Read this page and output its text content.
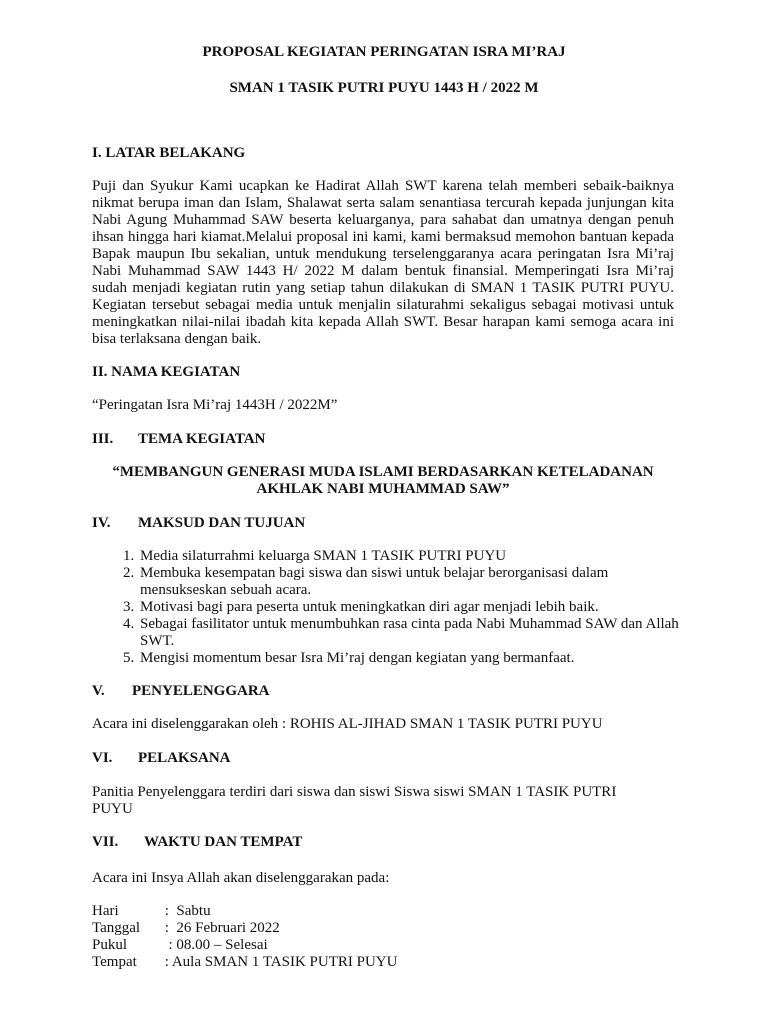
PROPOSAL KEGIATAN PERINGATAN ISRA MI’RAJ

SMAN 1 TASIK PUTRI PUYU 1443 H / 2022 M

I. LATAR BELAKANG

Puji dan Syukur Kami ucapkan ke Hadirat Allah SWT karena telah memberi sebaik-baiknya nikmat berupa iman dan Islam, Shalawat serta salam senantiasa tercurah kepada junjungan kita Nabi Agung Muhammad SAW beserta keluarganya, para sahabat dan umatnya dengan penuh ihsan hingga hari kiamat.Melalui proposal ini kami, kami bermaksud memohon bantuan kepada Bapak maupun Ibu sekalian, untuk mendukung terselenggaranya acara peringatan Isra Mi’raj Nabi Muhammad SAW 1443 H/ 2022 M dalam bentuk finansial. Memperingati Isra Mi’raj sudah menjadi kegiatan rutin yang setiap tahun dilakukan di SMAN 1 TASIK PUTRI PUYU. Kegiatan tersebut sebagai media untuk menjalin silaturahmi sekaligus sebagai motivasi untuk meningkatkan nilai-nilai ibadah kita kepada Allah SWT. Besar harapan kami semoga acara ini bisa terlaksana dengan baik.

II. NAMA KEGIATAN

“Peringatan Isra Mi’raj 1443H / 2022M”

III. TEMA KEGIATAN

“MEMBANGUN GENERASI MUDA ISLAMI BERDASARKAN KETELADANAN AKHLAK NABI MUHAMMAD SAW”

IV. MAKSUD DAN TUJUAN

1. Media silaturrahmi keluarga SMAN 1 TASIK PUTRI PUYU
2. Membuka kesempatan bagi siswa dan siswi untuk belajar berorganisasi dalam mensukseskan sebuah acara.
3. Motivasi bagi para peserta untuk meningkatkan diri agar menjadi lebih baik.
4. Sebagai fasilitator untuk menumbuhkan rasa cinta pada Nabi Muhammad SAW dan Allah SWT.
5. Mengisi momentum besar Isra Mi’raj dengan kegiatan yang bermanfaat.

V. PENYELENGGARA

Acara ini diselenggarakan oleh : ROHIS AL-JIHAD SMAN 1 TASIK PUTRI PUYU

VI. PELAKSANA

Panitia Penyelenggara terdiri dari siswa dan siswi Siswa siswi SMAN 1 TASIK PUTRI PUYU

VII. WAKTU DAN TEMPAT

Acara ini Insya Allah akan diselenggarakan pada:

Hari	:  Sabtu

Tanggal :  26 Februari 2022

Pukul  : 08.00 – Selesai

Tempat : Aula SMAN 1 TASIK PUTRI PUYU
